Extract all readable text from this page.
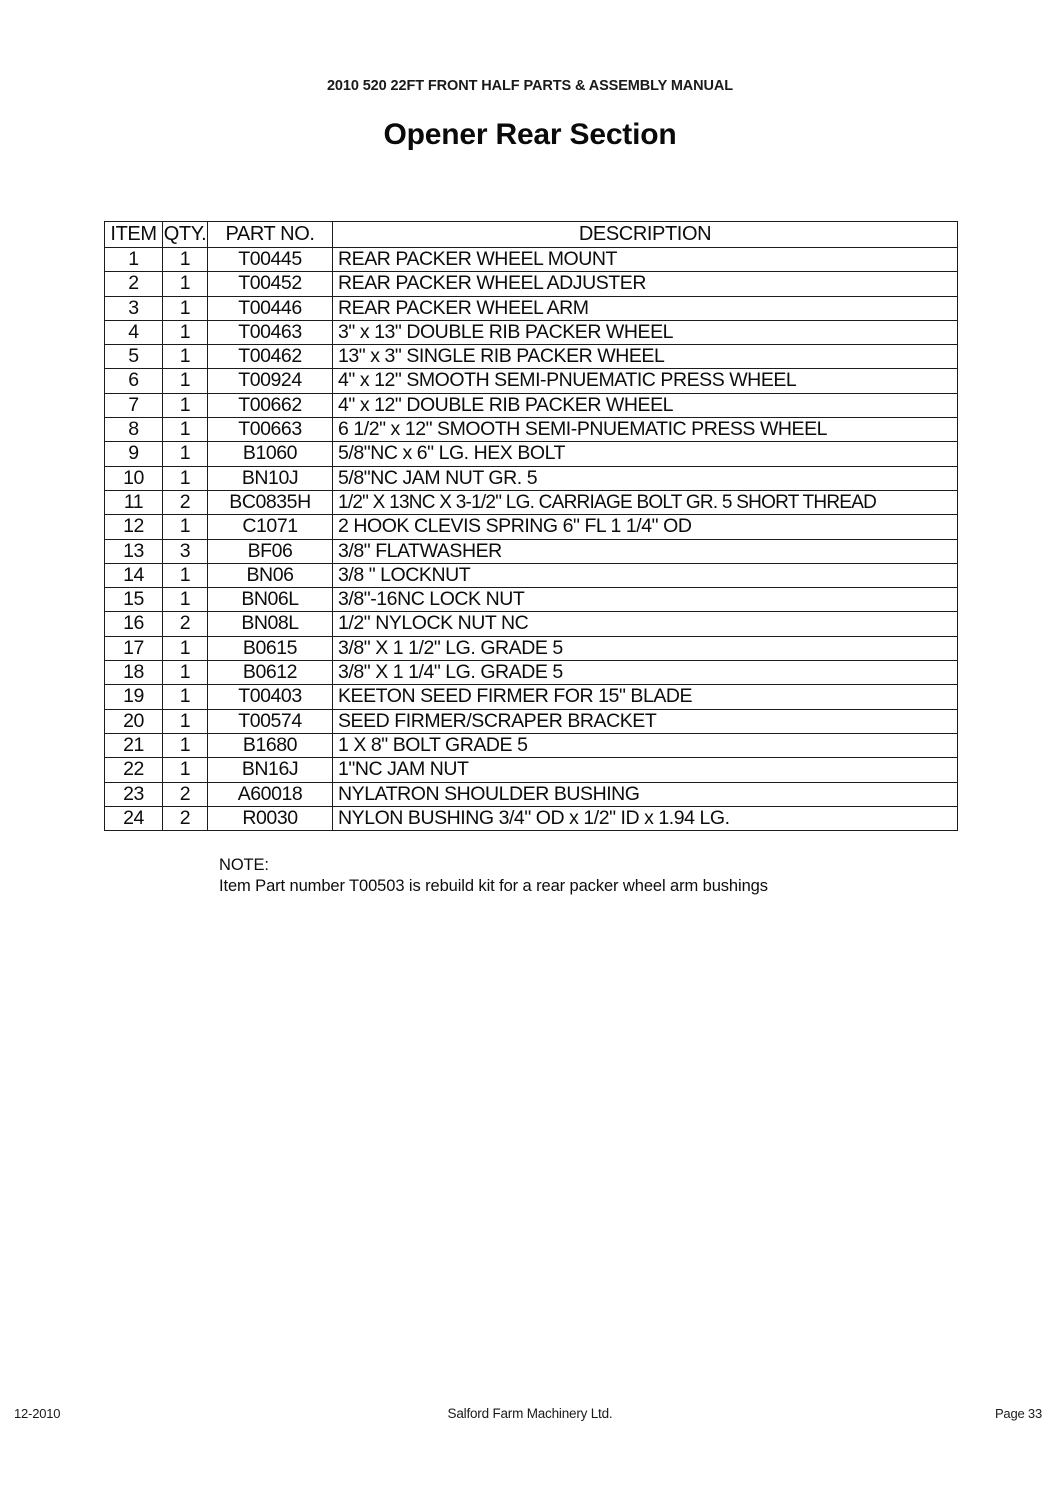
2010 520 22FT FRONT HALF PARTS & ASSEMBLY MANUAL
Opener Rear Section
ITEM	QTY.	PART NO.	DESCRIPTION
1	1	T00445	REAR PACKER WHEEL MOUNT
2	1	T00452	REAR PACKER WHEEL ADJUSTER
3	1	T00446	REAR PACKER WHEEL ARM
4	1	T00463	3" x 13" DOUBLE RIB PACKER WHEEL
5	1	T00462	13" x 3" SINGLE RIB PACKER WHEEL
6	1	T00924	4" x 12" SMOOTH SEMI-PNUEMATIC PRESS WHEEL
7	1	T00662	4" x 12" DOUBLE RIB PACKER WHEEL
8	1	T00663	6 1/2" x 12" SMOOTH SEMI-PNUEMATIC PRESS WHEEL
9	1	B1060	5/8"NC x 6" LG. HEX BOLT
10	1	BN10J	5/8"NC JAM NUT GR. 5
11	2	BC0835H	1/2" X 13NC X 3-1/2" LG. CARRIAGE BOLT GR. 5 SHORT THREAD
12	1	C1071	2 HOOK CLEVIS SPRING 6" FL 1 1/4" OD
13	3	BF06	3/8" FLATWASHER
14	1	BN06	3/8 " LOCKNUT
15	1	BN06L	3/8"-16NC LOCK NUT
16	2	BN08L	1/2" NYLOCK NUT NC
17	1	B0615	3/8" X 1 1/2" LG. GRADE 5
18	1	B0612	3/8" X 1 1/4" LG. GRADE 5
19	1	T00403	KEETON SEED FIRMER FOR 15" BLADE
20	1	T00574	SEED FIRMER/SCRAPER BRACKET
21	1	B1680	1 X 8" BOLT GRADE 5
22	1	BN16J	1"NC JAM NUT
23	2	A60018	NYLATRON SHOULDER BUSHING
24	2	R0030	NYLON BUSHING 3/4" OD x 1/2" ID x 1.94 LG.
NOTE:
Item Part number T00503 is rebuild kit for a rear packer wheel arm bushings
12-2010	Salford Farm Machinery Ltd.	Page 33
